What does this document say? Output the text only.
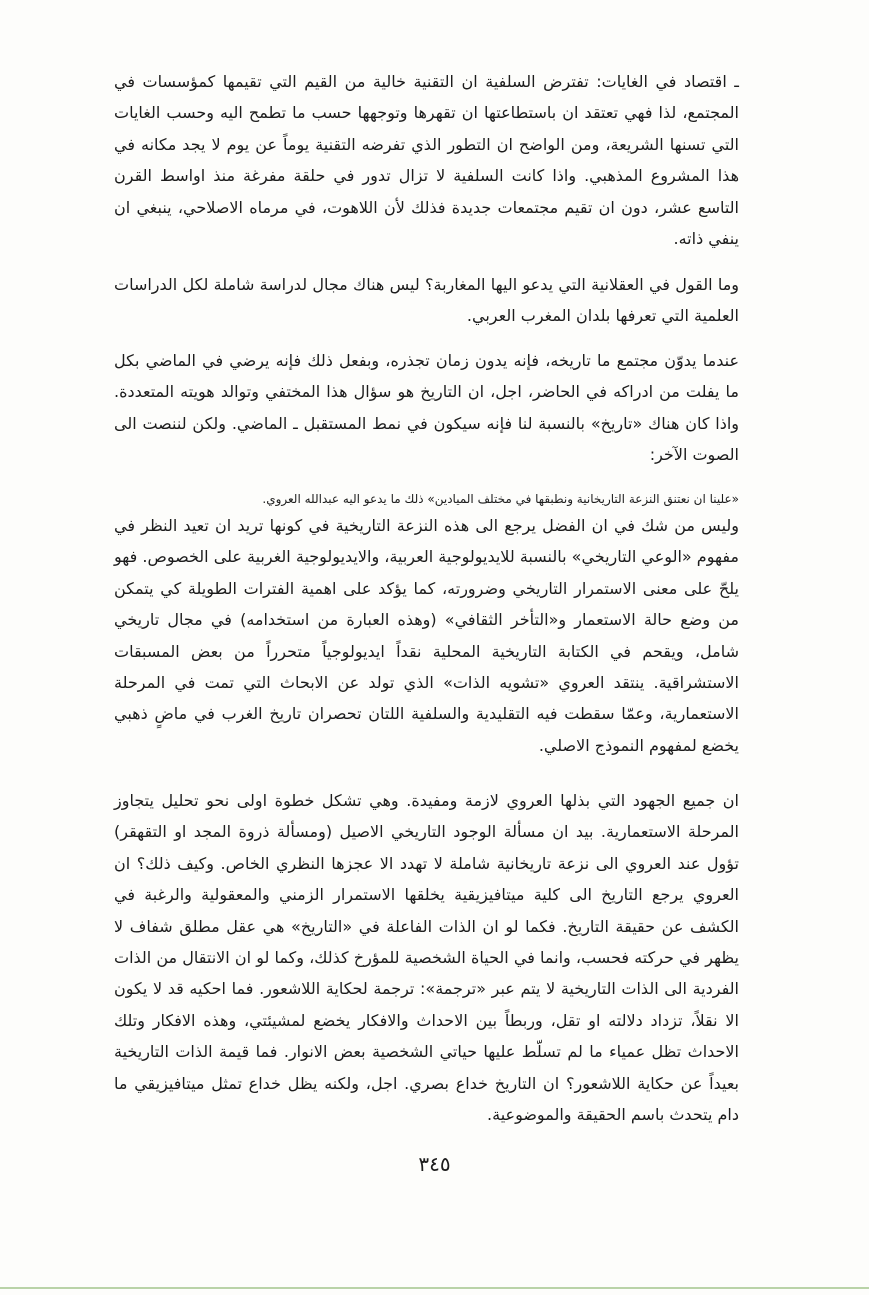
ـ اقتصاد في الغايات: تفترض السلفية ان التقنية خالية من القيم التي تقيمها كمؤسسات في المجتمع، لذا فهي تعتقد ان باستطاعتها ان تقهرها وتوجهها حسب ما تطمح اليه وحسب الغايات التي تسنها الشريعة، ومن الواضح ان التطور الذي تفرضه التقنية يوماً عن يوم لا يجد مكانه في هذا المشروع المذهبي. واذا كانت السلفية لا تزال تدور في حلقة مفرغة منذ اواسط القرن التاسع عشر، دون ان تقيم مجتمعات جديدة فذلك لأن اللاهوت، في مرماه الاصلاحي، ينبغي ان ينفي ذاته.

وما القول في العقلانية التي يدعو اليها المغاربة؟ ليس هناك مجال لدراسة شاملة لكل الدراسات العلمية التي تعرفها بلدان المغرب العربي.

عندما يدوّن مجتمع ما تاريخه، فإنه يدون زمان تجذره، وبفعل ذلك فإنه يرضي في الماضي بكل ما يفلت من ادراكه في الحاضر، اجل، ان التاريخ هو سؤال هذا المختفي وتوالد هويته المتعددة. واذا كان هناك «تاريخ» بالنسبة لنا فإنه سيكون في نمط المستقبل ـ الماضي. ولكن لننصت الى الصوت الآخر:

«علينا ان نعتنق النزعة التاريخانية ونطبقها في مختلف الميادين» ذلك ما يدعو اليه عبدالله العروي.

وليس من شك في ان الفضل يرجع الى هذه النزعة التاريخية في كونها تريد ان تعيد النظر في مفهوم «الوعي التاريخي» بالنسبة للايديولوجية العربية، والايديولوجية الغربية على الخصوص. فهو يلحّ على معنى الاستمرار التاريخي وضرورته، كما يؤكد على اهمية الفترات الطويلة كي يتمكن من وضع حالة الاستعمار و«التأخر الثقافي» (وهذه العبارة من استخدامه) في مجال تاريخي شامل، ويقحم في الكتابة التاريخية المحلية نقداً ايديولوجياً متحرراً من بعض المسبقات الاستشراقية. ينتقد العروي «تشويه الذات» الذي تولد عن الابحاث التي تمت في المرحلة الاستعمارية، وعمّا سقطت فيه التقليدية والسلفية اللتان تحصران تاريخ الغرب في ماضٍ ذهبي يخضع لمفهوم النموذج الاصلي.

ان جميع الجهود التي بذلها العروي لازمة ومفيدة. وهي تشكل خطوة اولى نحو تحليل يتجاوز المرحلة الاستعمارية. بيد ان مسألة الوجود التاريخي الاصيل (ومسألة ذروة المجد او التقهقر) تؤول عند العروي الى نزعة تاريخانية شاملة لا تهدد الا عجزها النظري الخاص. وكيف ذلك؟ ان العروي يرجع التاريخ الى كلية ميتافيزيقية يخلقها الاستمرار الزمني والمعقولية والرغبة في الكشف عن حقيقة التاريخ. فكما لو ان الذات الفاعلة في «التاريخ» هي عقل مطلق شفاف لا يظهر في حركته فحسب، وانما في الحياة الشخصية للمؤرخ كذلك، وكما لو ان الانتقال من الذات الفردية الى الذات التاريخية لا يتم عبر «ترجمة»: ترجمة لحكاية اللاشعور. فما احكيه قد لا يكون الا نقلاً، تزداد دلالته او تقل، وربطاً بين الاحداث والافكار يخضع لمشيئتي، وهذه الافكار وتلك الاحداث تظل عمياء ما لم تسلّط عليها حياتي الشخصية بعض الانوار. فما قيمة الذات التاريخية بعيداً عن حكاية اللاشعور؟ ان التاريخ خداع بصري. اجل، ولكنه يظل خداع تمثل ميتافيزيقي ما دام يتحدث باسم الحقيقة والموضوعية.

٣٤٥
